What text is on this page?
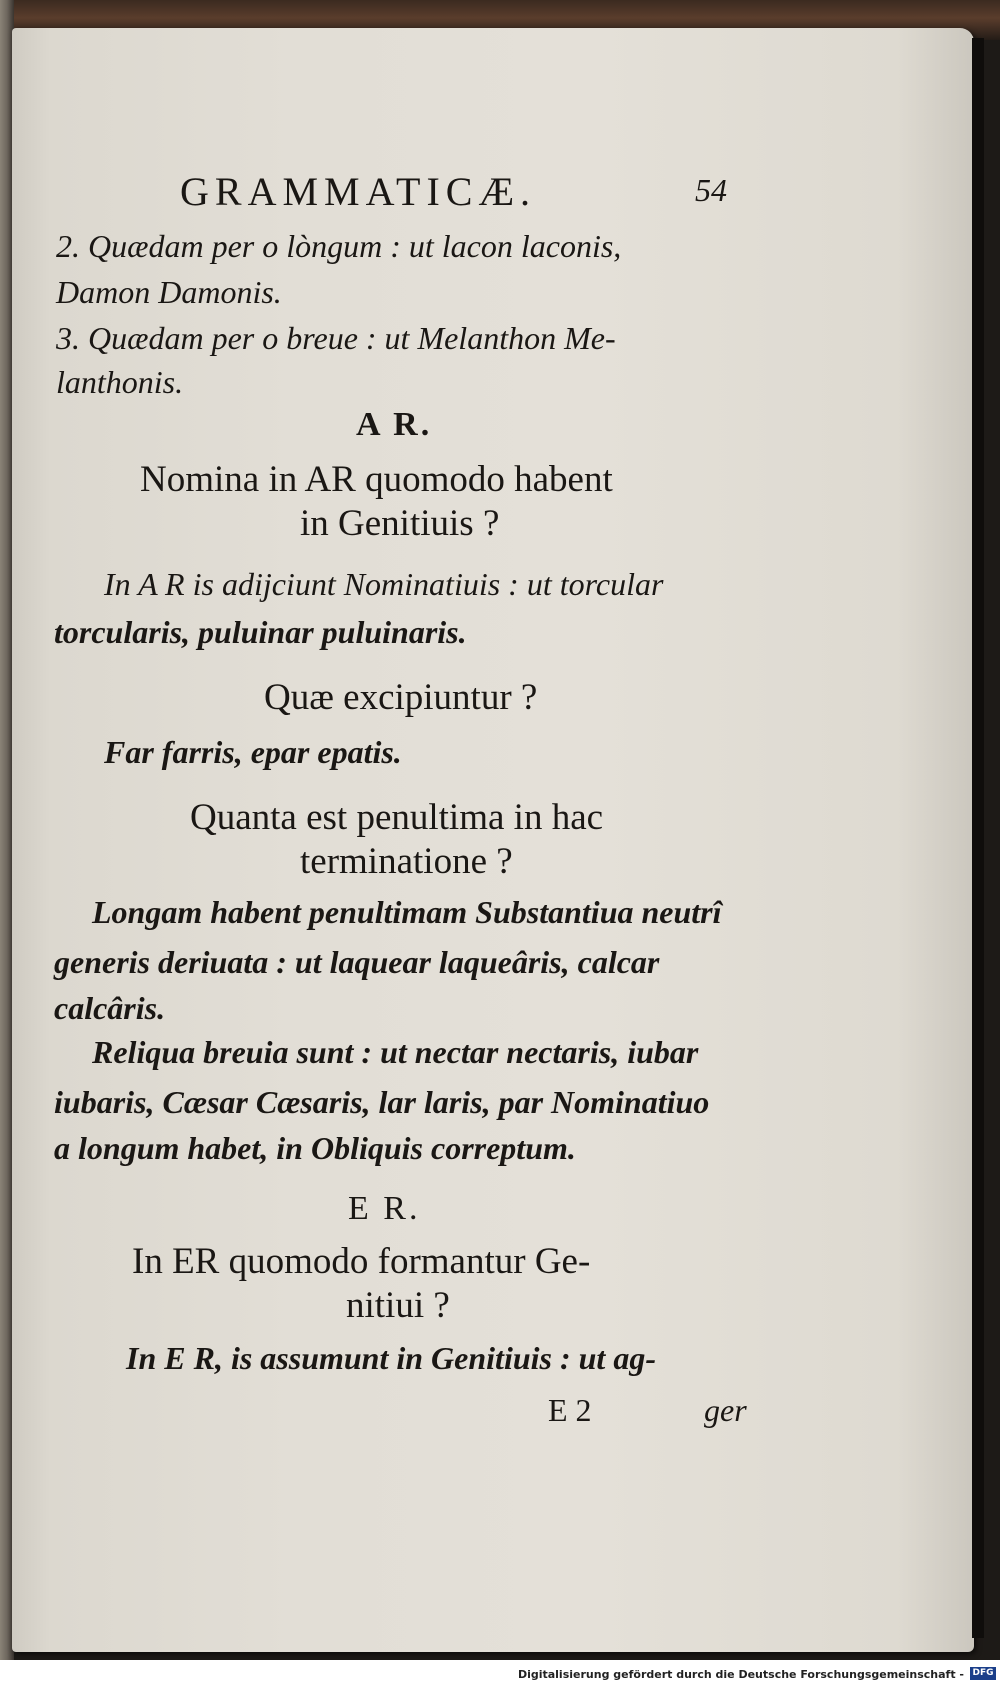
GRAMMATICÆ.	54
2. Quædam per o lòngum : ut lacon laconis,
Damon Damonis.
3. Quædam per o breue : ut Melanthon Me-
lanthonis.
A R.
Nomina in AR quomodo habent
in Genitiuis ?
In A R is adijciunt Nominatiuis : ut torcular
torcularis, puluinar puluinaris.
Quæ excipiuntur ?
Far farris, epar epatis.
Quanta est penultima in hac
terminatione ?
Longam habent penultimam Substantiua neutrî
generis deriuata : ut laquear laqueâris, calcar
calcâris.
Reliqua breuia sunt : ut nectar nectaris, iubar
iubaris, Cæsar Cæsaris, lar laris, par Nominatiuo
a longum habet, in Obliquis correptum.
E R.
In ER quomodo formantur Ge-
nitiui ?
In E R, is assumunt in Genitiuis : ut ag-
E 2	ger
Digitalisierung gefördert durch die Deutsche Forschungsgemeinschaft - DFG
